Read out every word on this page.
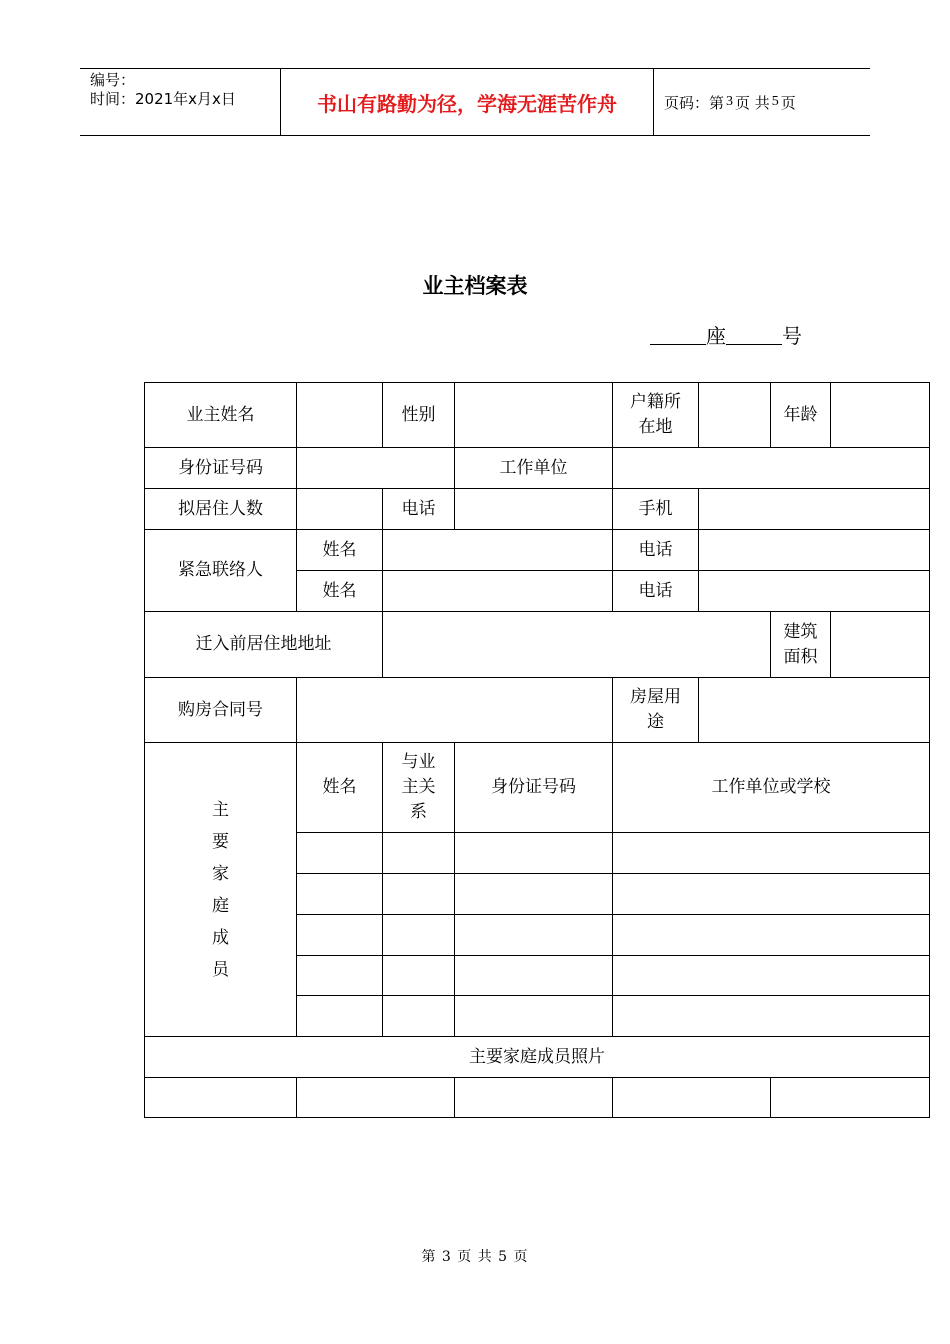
编号：
时间：2021年x月x日	书山有路勤为径，学海无涯苦作舟	页码：第 3 页 共 5 页
业主档案表
座	号
业主姓名		性别		户籍所在地		年龄	
身份证号码			工作单位				
拟居住人数		电话		手机			
紧急联络人	姓名			电话			
	姓名			电话			
迁入前居住地地址						建筑面积	
购房合同号				房屋用途			
主要家庭成员	姓名	与业主关系	身份证号码	工作单位或学校			

主要家庭成员照片							

第 3 页 共 5 页
